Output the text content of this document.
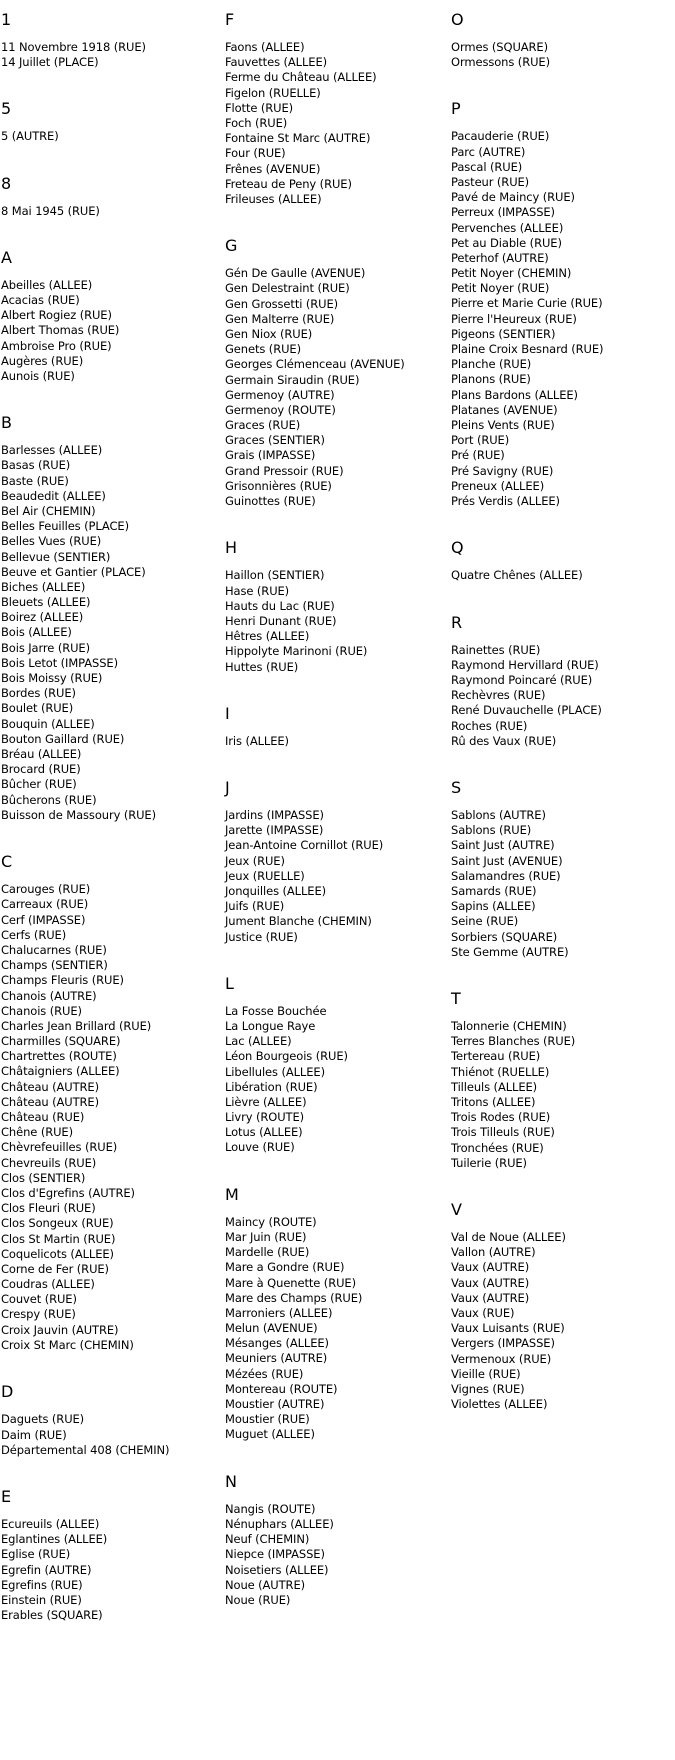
1
11 Novembre 1918 (RUE)
14 Juillet (PLACE)
5
5 (AUTRE)
8
8 Mai 1945 (RUE)
A
Abeilles (ALLEE)
Acacias (RUE)
Albert Rogiez (RUE)
Albert Thomas (RUE)
Ambroise Pro (RUE)
Augères (RUE)
Aunois (RUE)
B
Barlesses (ALLEE)
Basas (RUE)
Baste (RUE)
Beaudedit (ALLEE)
Bel Air (CHEMIN)
Belles Feuilles (PLACE)
Belles Vues (RUE)
Bellevue (SENTIER)
Beuve et Gantier (PLACE)
Biches (ALLEE)
Bleuets (ALLEE)
Boirez (ALLEE)
Bois (ALLEE)
Bois Jarre (RUE)
Bois Letot (IMPASSE)
Bois Moissy (RUE)
Bordes (RUE)
Boulet (RUE)
Bouquin (ALLEE)
Bouton Gaillard (RUE)
Bréau (ALLEE)
Brocard (RUE)
Bûcher (RUE)
Bûcherons (RUE)
Buisson de Massoury (RUE)
C
Carouges (RUE)
Carreaux (RUE)
Cerf (IMPASSE)
Cerfs (RUE)
Chalucarnes (RUE)
Champs (SENTIER)
Champs Fleuris (RUE)
Chanois (AUTRE)
Chanois (RUE)
Charles Jean Brillard (RUE)
Charmilles (SQUARE)
Chartrettes (ROUTE)
Châtaigniers (ALLEE)
Château (AUTRE)
Château (AUTRE)
Château (RUE)
Chêne (RUE)
Chèvrefeuilles (RUE)
Chevreuils (RUE)
Clos (SENTIER)
Clos d'Egrefins (AUTRE)
Clos Fleuri (RUE)
Clos Songeux (RUE)
Clos St Martin (RUE)
Coquelicots (ALLEE)
Corne de Fer (RUE)
Coudras (ALLEE)
Couvet (RUE)
Crespy (RUE)
Croix Jauvin (AUTRE)
Croix St Marc (CHEMIN)
D
Daguets (RUE)
Daim (RUE)
Départemental 408 (CHEMIN)
E
Ecureuils (ALLEE)
Eglantines (ALLEE)
Eglise (RUE)
Egrefin (AUTRE)
Egrefins (RUE)
Einstein (RUE)
Erables (SQUARE)
F
Faons (ALLEE)
Fauvettes (ALLEE)
Ferme du Château (ALLEE)
Figelon (RUELLE)
Flotte (RUE)
Foch (RUE)
Fontaine St Marc (AUTRE)
Four (RUE)
Frênes (AVENUE)
Freteau de Peny (RUE)
Frileuses (ALLEE)
G
Gén De Gaulle (AVENUE)
Gen Delestraint (RUE)
Gen Grossetti (RUE)
Gen Malterre (RUE)
Gen Niox (RUE)
Genets (RUE)
Georges Clémenceau (AVENUE)
Germain Siraudin (RUE)
Germenoy (AUTRE)
Germenoy (ROUTE)
Graces (RUE)
Graces (SENTIER)
Grais (IMPASSE)
Grand Pressoir (RUE)
Grisonnières (RUE)
Guinottes (RUE)
H
Haillon (SENTIER)
Hase (RUE)
Hauts du Lac (RUE)
Henri Dunant (RUE)
Hêtres (ALLEE)
Hippolyte Marinoni (RUE)
Huttes (RUE)
I
Iris (ALLEE)
J
Jardins (IMPASSE)
Jarette (IMPASSE)
Jean-Antoine Cornillot (RUE)
Jeux (RUE)
Jeux (RUELLE)
Jonquilles (ALLEE)
Juifs (RUE)
Jument Blanche (CHEMIN)
Justice (RUE)
L
La Fosse Bouchée
La Longue Raye
Lac (ALLEE)
Léon Bourgeois (RUE)
Libellules (ALLEE)
Libération (RUE)
Lièvre (ALLEE)
Livry (ROUTE)
Lotus (ALLEE)
Louve (RUE)
M
Maincy (ROUTE)
Mar Juin (RUE)
Mardelle (RUE)
Mare a Gondre (RUE)
Mare à Quenette (RUE)
Mare des Champs (RUE)
Marroniers (ALLEE)
Melun (AVENUE)
Mésanges (ALLEE)
Meuniers (AUTRE)
Mézées (RUE)
Montereau (ROUTE)
Moustier (AUTRE)
Moustier (RUE)
Muguet (ALLEE)
N
Nangis (ROUTE)
Nénuphars (ALLEE)
Neuf (CHEMIN)
Niepce (IMPASSE)
Noisetiers (ALLEE)
Noue (AUTRE)
Noue (RUE)
O
Ormes (SQUARE)
Ormessons (RUE)
P
Pacauderie (RUE)
Parc (AUTRE)
Pascal (RUE)
Pasteur (RUE)
Pavé de Maincy (RUE)
Perreux (IMPASSE)
Pervenches (ALLEE)
Pet au Diable (RUE)
Peterhof (AUTRE)
Petit Noyer (CHEMIN)
Petit Noyer (RUE)
Pierre et Marie Curie (RUE)
Pierre l'Heureux (RUE)
Pigeons (SENTIER)
Plaine Croix Besnard (RUE)
Planche (RUE)
Planons (RUE)
Plans Bardons (ALLEE)
Platanes (AVENUE)
Pleins Vents (RUE)
Port (RUE)
Pré (RUE)
Pré Savigny (RUE)
Preneux (ALLEE)
Prés Verdis (ALLEE)
Q
Quatre Chênes (ALLEE)
R
Rainettes (RUE)
Raymond Hervillard (RUE)
Raymond Poincaré (RUE)
Rechèvres (RUE)
René Duvauchelle (PLACE)
Roches (RUE)
Rû des Vaux (RUE)
S
Sablons (AUTRE)
Sablons (RUE)
Saint Just (AUTRE)
Saint Just (AVENUE)
Salamandres (RUE)
Samards (RUE)
Sapins (ALLEE)
Seine (RUE)
Sorbiers (SQUARE)
Ste Gemme (AUTRE)
T
Talonnerie (CHEMIN)
Terres Blanches (RUE)
Tertereau (RUE)
Thiénot (RUELLE)
Tilleuls (ALLEE)
Tritons (ALLEE)
Trois Rodes (RUE)
Trois Tilleuls (RUE)
Tronchées (RUE)
Tuilerie (RUE)
V
Val de Noue (ALLEE)
Vallon (AUTRE)
Vaux (AUTRE)
Vaux (AUTRE)
Vaux (AUTRE)
Vaux (RUE)
Vaux Luisants (RUE)
Vergers (IMPASSE)
Vermenoux (RUE)
Vieille (RUE)
Vignes (RUE)
Violettes (ALLEE)
